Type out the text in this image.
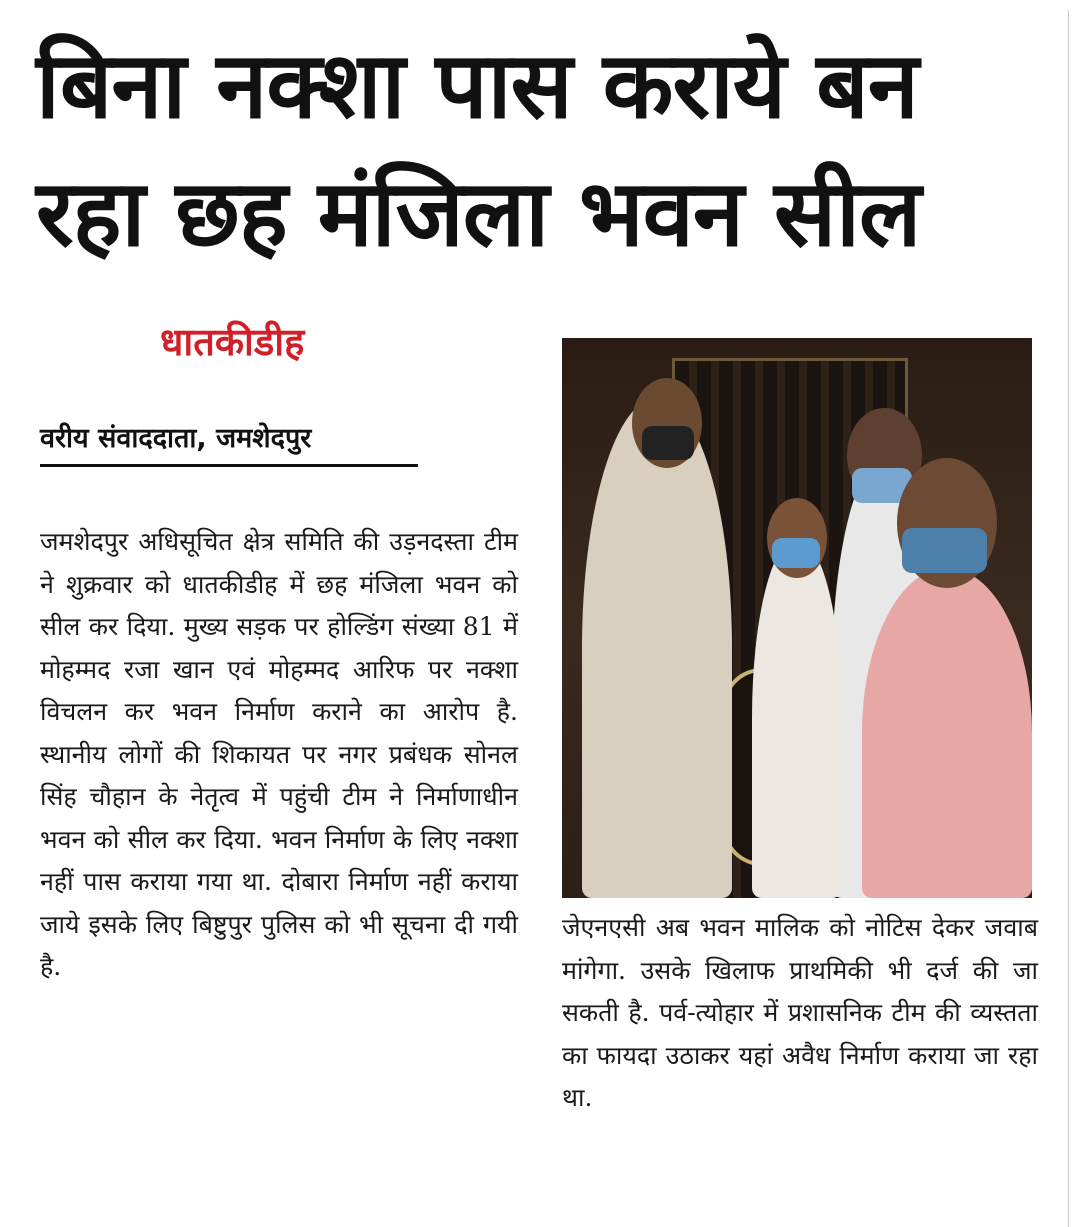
बिना नक्शा पास कराये बन
रहा छह मंजिला भवन सील
धातकीडीह
वरीय संवाददाता, जमशेदपुर

जमशेदपुर अधिसूचित क्षेत्र समिति की उड़नदस्ता टीम ने शुक्रवार को धातकीडीह में छह मंजिला भवन को सील कर दिया. मुख्य सड़क पर होल्डिंग संख्या 81 में मोहम्मद रजा खान एवं मोहम्मद आरिफ पर नक्शा विचलन कर भवन निर्माण कराने का आरोप है. स्थानीय लोगों की शिकायत पर नगर प्रबंधक सोनल सिंह चौहान के नेतृत्व में पहुंची टीम ने निर्माणाधीन भवन को सील कर दिया. भवन निर्माण के लिए नक्शा नहीं पास कराया गया था. दोबारा निर्माण नहीं कराया जाये इसके लिए बिष्टुपुर पुलिस को भी सूचना दी गयी है.

जेएनएसी अब भवन मालिक को नोटिस देकर जवाब मांगेगा. उसके खिलाफ प्राथमिकी भी दर्ज की जा सकती है. पर्व-त्योहार में प्रशासनिक टीम की व्यस्तता का फायदा उठाकर यहां अवैध निर्माण कराया जा रहा था.
